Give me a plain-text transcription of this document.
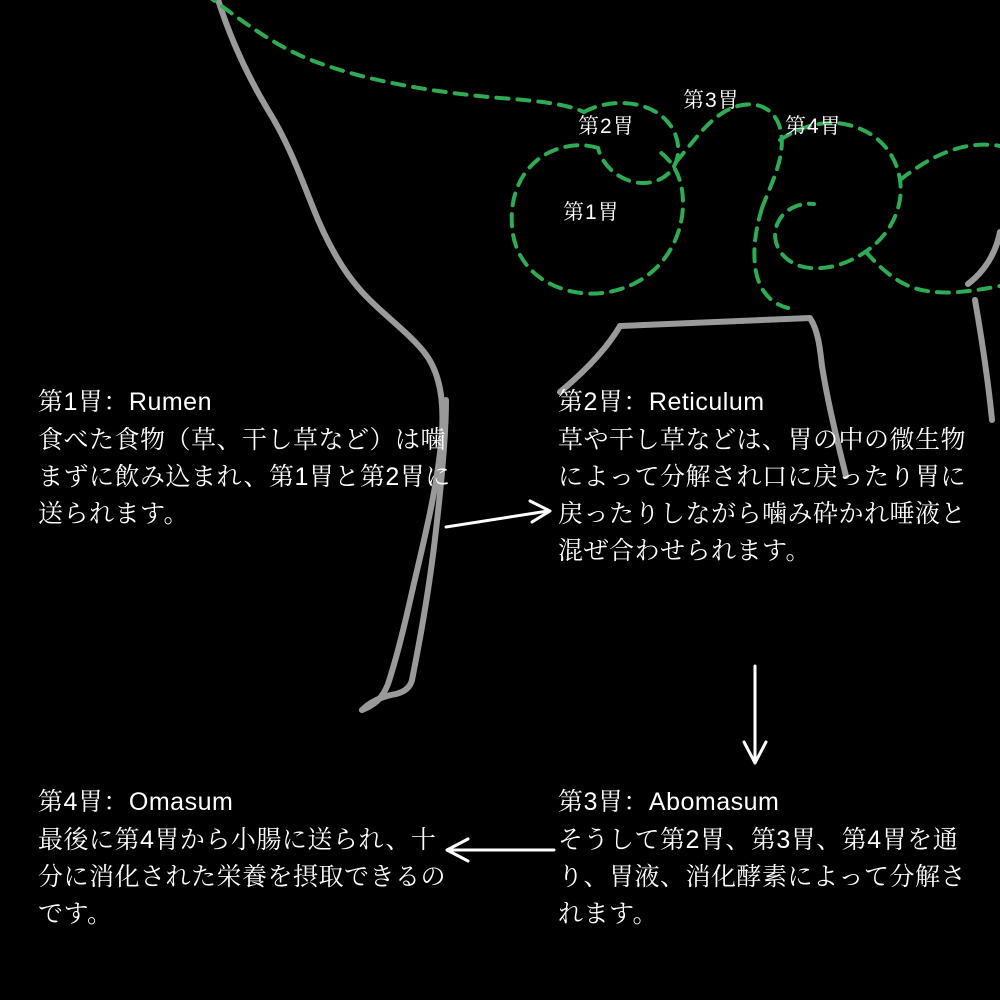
第1胃
第2胃
第3胃
第4胃

第1胃：Rumen

食べた食物（草、干し草など）は噛まずに飲み込まれ、第1胃と第2胃に送られます。

第2胃：Reticulum

草や干し草などは、胃の中の微生物によって分解され口に戻ったり胃に戻ったりしながら噛み砕かれ唾液と混ぜ合わせられます。

第3胃：Abomasum

そうして第2胃、第3胃、第4胃を通り、胃液、消化酵素によって分解されます。

第4胃：Omasum

最後に第4胃から小腸に送られ、十分に消化された栄養を摂取できるのです。
